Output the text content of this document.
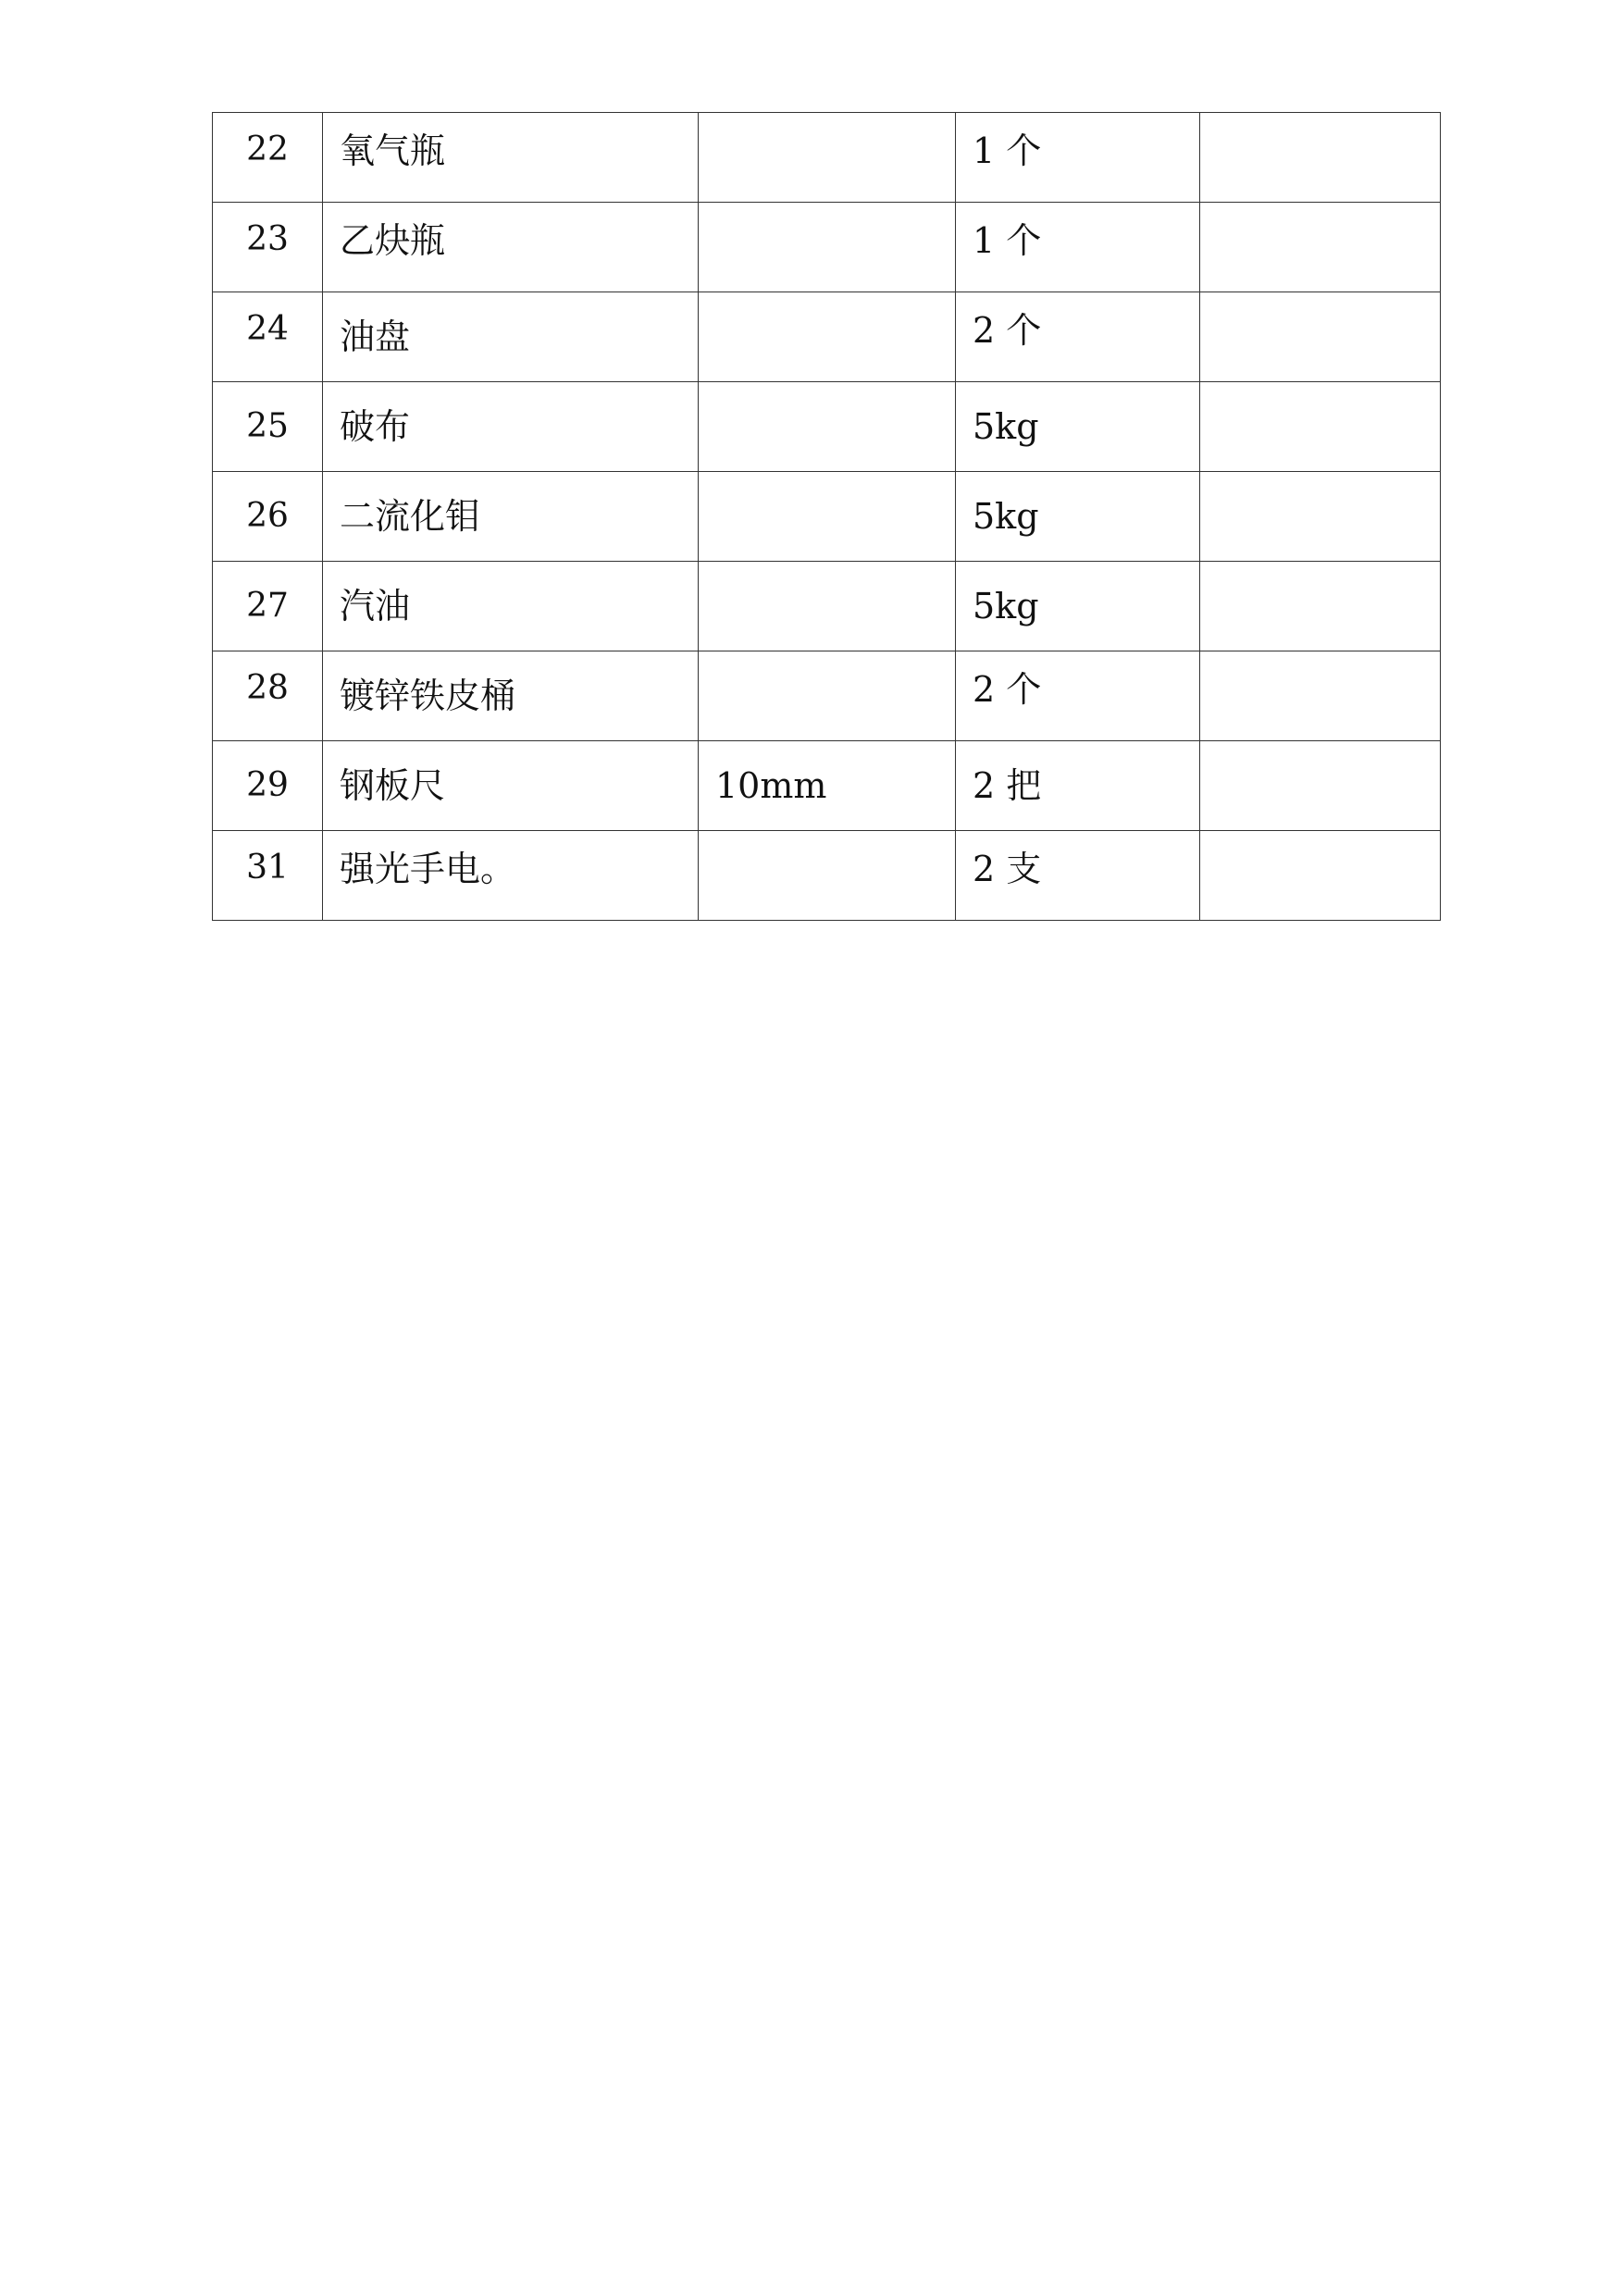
22	氧气瓶		1 个	
23	乙炔瓶		1 个	
24	油盘		2 个	
25	破布		5kg	
26	二流化钼		5kg	
27	汽油		5kg	
28	镀锌铁皮桶		2 个	
29	钢板尺	10mm	2 把	
31	强光手电。		2 支	
